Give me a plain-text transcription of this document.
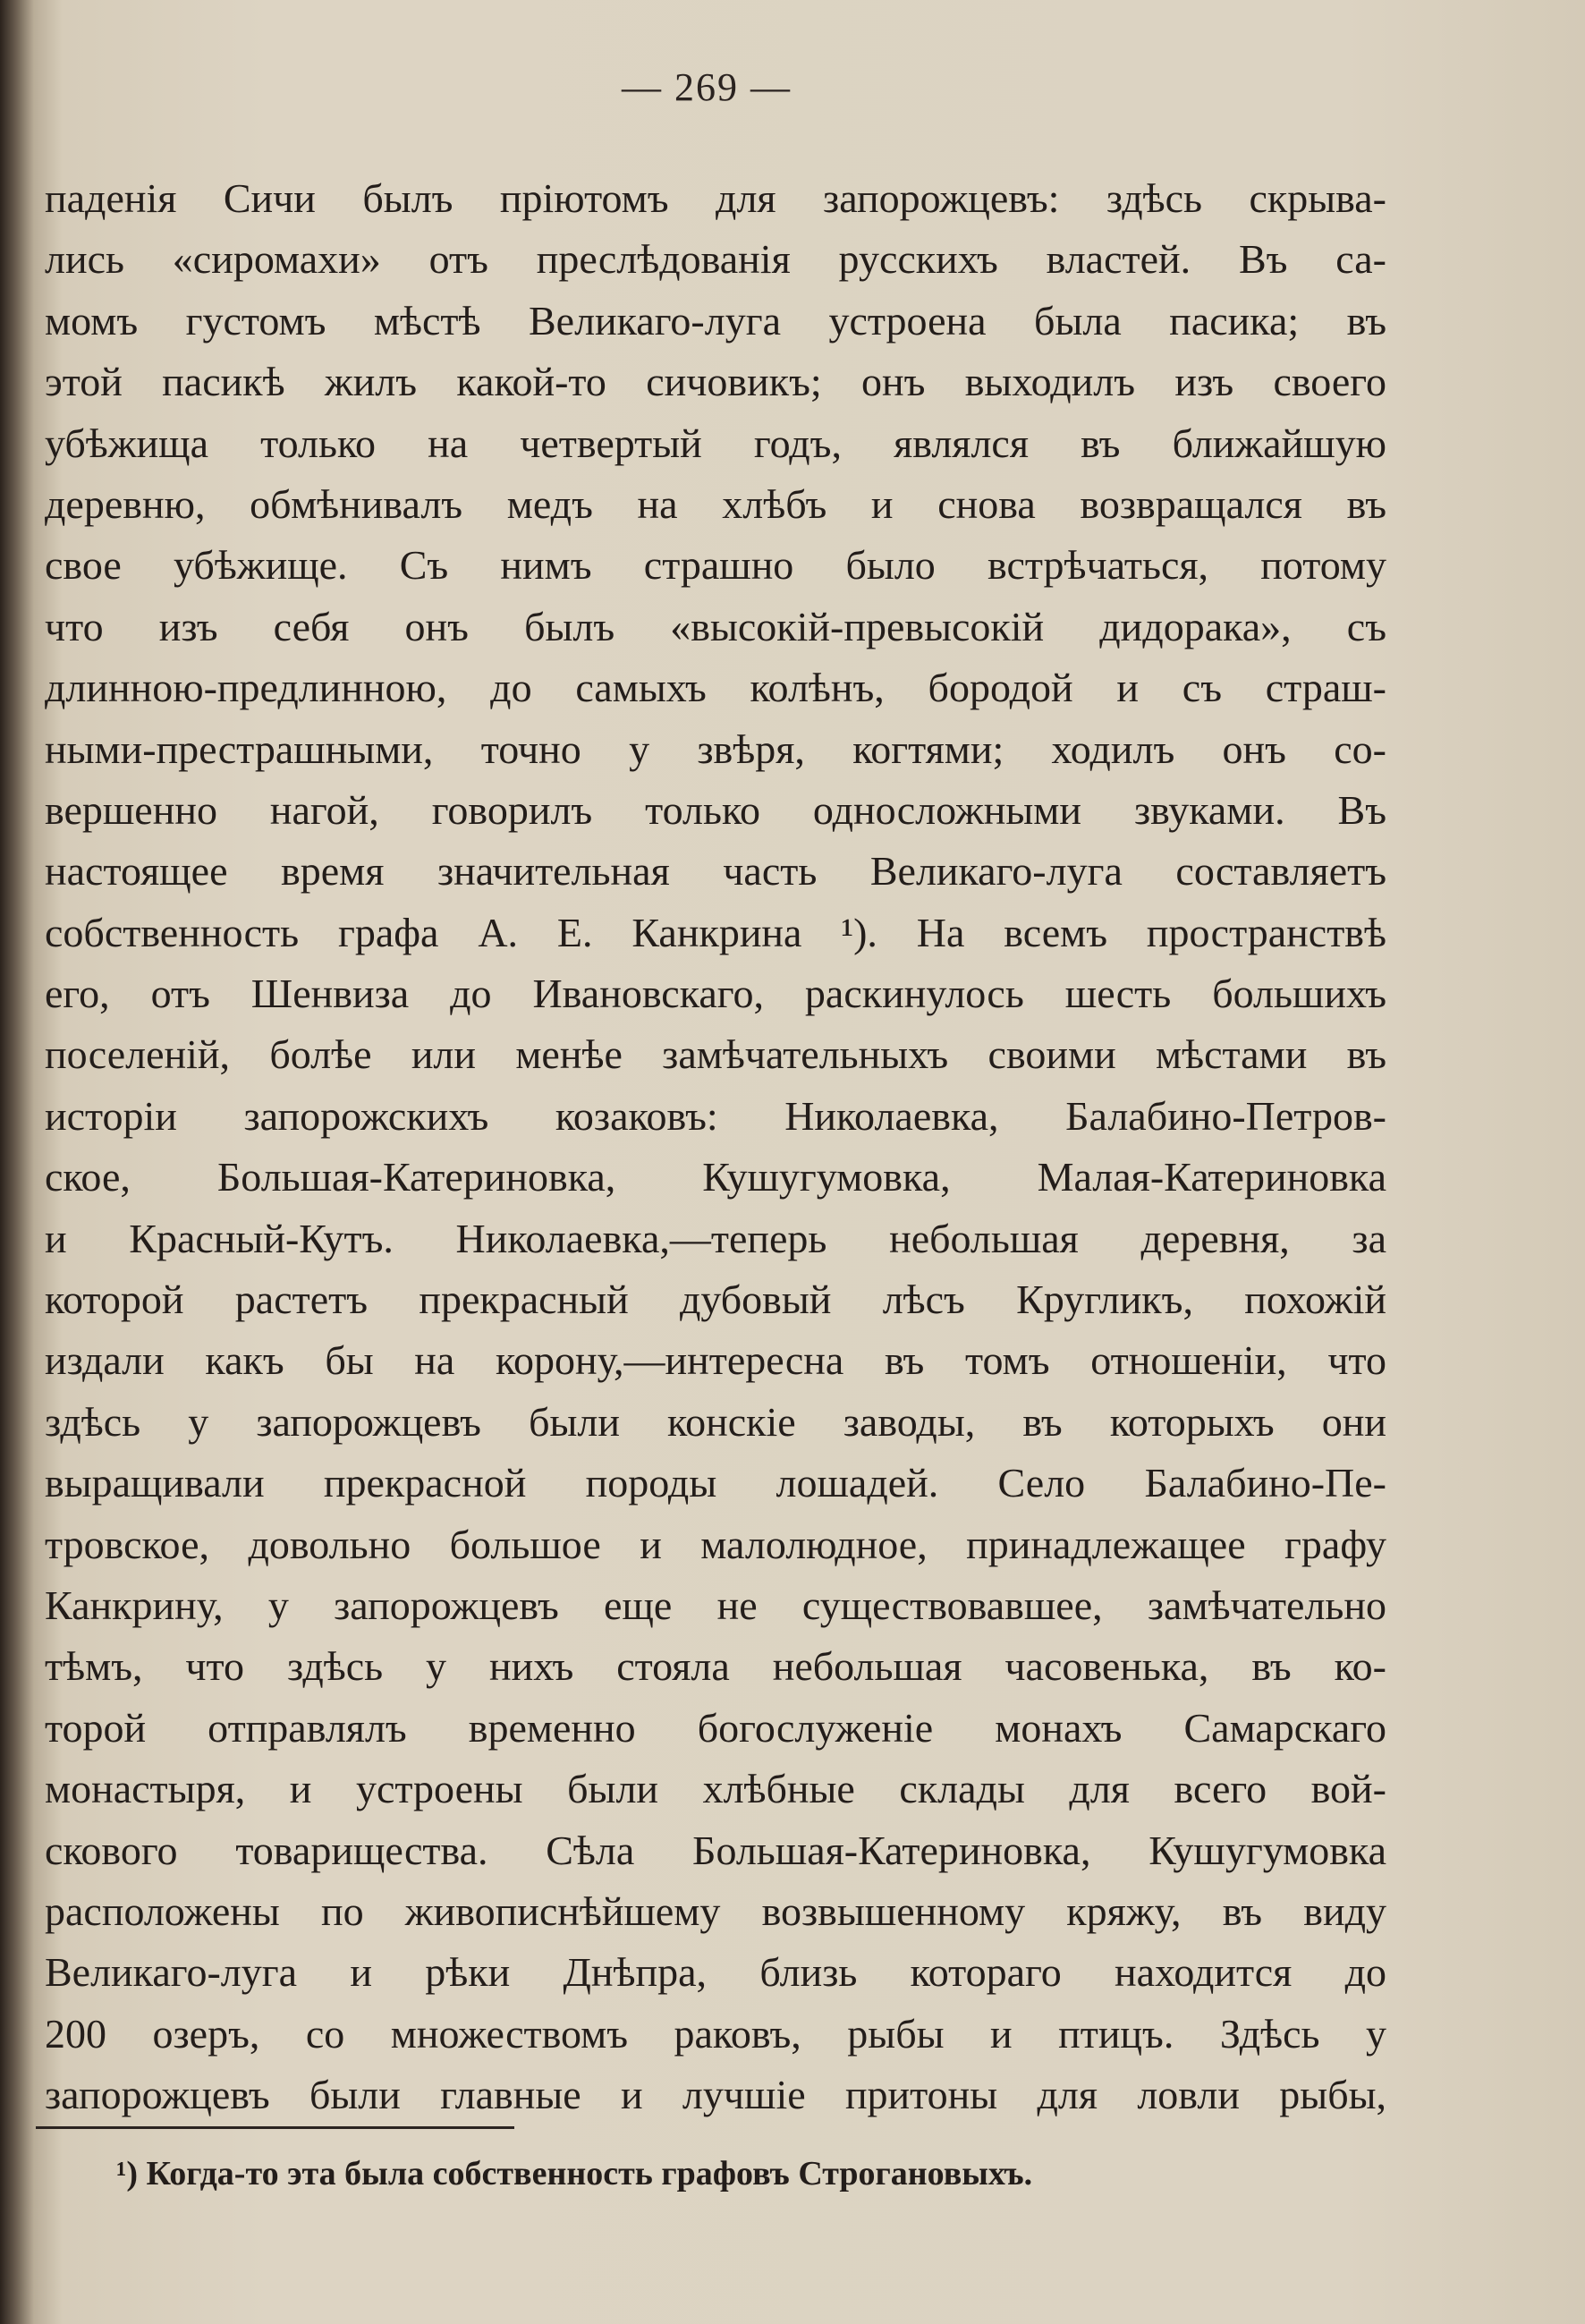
— 269 —
паденія Сичи былъ пріютомъ для запорожцевъ: здѣсь скрыва-
лись «сиромахи» отъ преслѣдованія русскихъ властей. Въ са-
момъ густомъ мѣстѣ Великаго-луга устроена была пасика; въ
этой пасикѣ жилъ какой-то сичовикъ; онъ выходилъ изъ своего
убѣжища только на четвертый годъ, являлся въ ближайшую
деревню, обмѣнивалъ медъ на хлѣбъ и снова возвращался въ
свое убѣжище. Съ нимъ страшно было встрѣчаться, потому
что изъ себя онъ былъ «высокій-превысокій дидорака», съ
длинною-предлинною, до самыхъ колѣнъ, бородой и съ страш-
ными-престрашными, точно у звѣря, когтями; ходилъ онъ со-
вершенно нагой, говорилъ только односложными звуками. Въ
настоящее время значительная часть Великаго-луга составляетъ
собственность графа А. Е. Канкрина ¹). На всемъ пространствѣ
его, отъ Шенвиза до Ивановскаго, раскинулось шесть большихъ
поселеній, болѣе или менѣе замѣчательныхъ своими мѣстами въ
исторіи запорожскихъ козаковъ: Николаевка, Балабино-Петров-
ское, Большая-Катериновка, Кушугумовка, Малая-Катериновка
и Красный-Кутъ. Николаевка,—теперь небольшая деревня, за
которой растетъ прекрасный дубовый лѣсъ Кругликъ, похожій
издали какъ бы на корону,—интересна въ томъ отношеніи, что
здѣсь у запорожцевъ были конскіе заводы, въ которыхъ они
выращивали прекрасной породы лошадей. Село Балабино-Пе-
тровское, довольно большое и малолюдное, принадлежащее графу
Канкрину, у запорожцевъ еще не существовавшее, замѣчательно
тѣмъ, что здѣсь у нихъ стояла небольшая часовенька, въ ко-
торой отправлялъ временно богослуженіе монахъ Самарскаго
монастыря, и устроены были хлѣбные склады для всего вой-
скового товарищества. Сѣла Большая-Катериновка, Кушугумовка
расположены по живописнѣйшему возвышенному кряжу, въ виду
Великаго-луга и рѣки Днѣпра, близь котораго находится до
200 озеръ, со множествомъ раковъ, рыбы и птицъ. Здѣсь у
запорожцевъ были главные и лучшіе притоны для ловли рыбы,
¹) Когда-то эта была собственность графовъ Строгановыхъ.
